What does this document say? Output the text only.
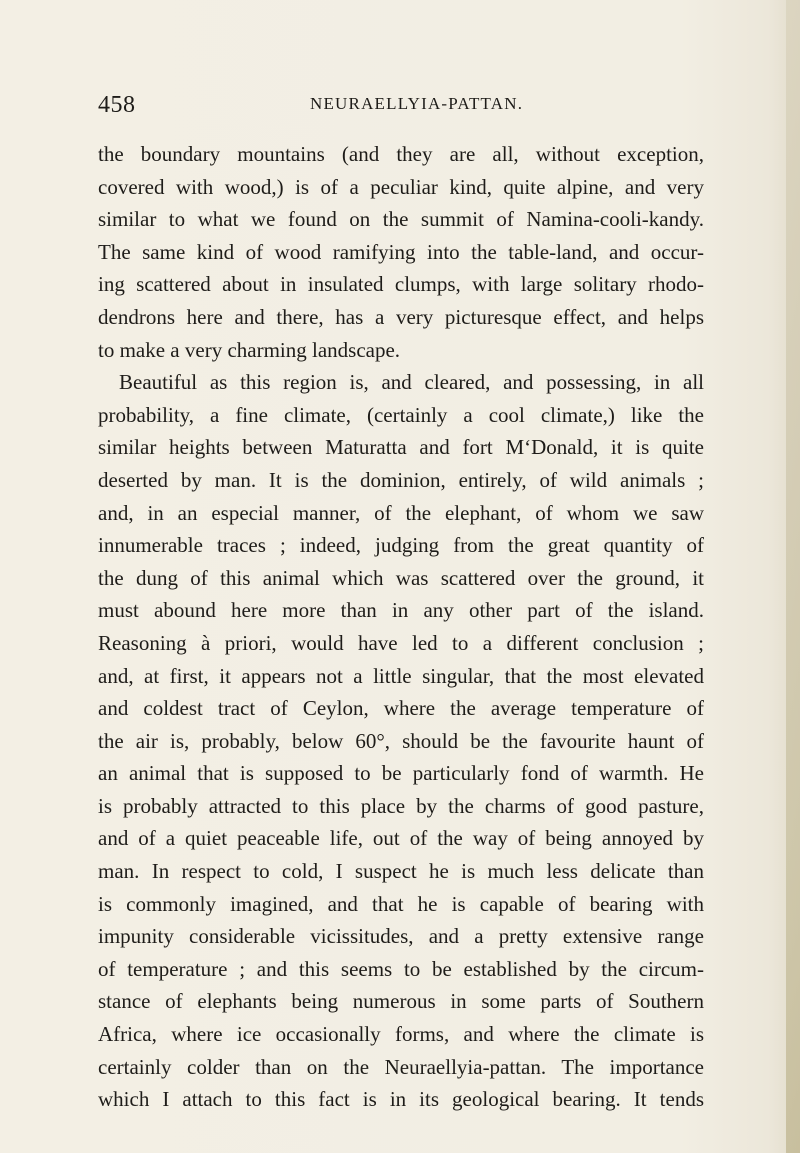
458	NEURAELLYIA-PATTAN.
the boundary mountains (and they are all, without exception,
covered with wood,) is of a peculiar kind, quite alpine, and very
similar to what we found on the summit of Namina-cooli-kandy.
The same kind of wood ramifying into the table-land, and occur-
ing scattered about in insulated clumps, with large solitary rhodo-
dendrons here and there, has a very picturesque effect, and helps
to make a very charming landscape.
Beautiful as this region is, and cleared, and possessing, in all
probability, a fine climate, (certainly a cool climate,) like the
similar heights between Maturatta and fort M‘Donald, it is quite
deserted by man. It is the dominion, entirely, of wild animals ;
and, in an especial manner, of the elephant, of whom we saw
innumerable traces ; indeed, judging from the great quantity of
the dung of this animal which was scattered over the ground, it
must abound here more than in any other part of the island.
Reasoning à priori, would have led to a different conclusion ;
and, at first, it appears not a little singular, that the most elevated
and coldest tract of Ceylon, where the average temperature of
the air is, probably, below 60°, should be the favourite haunt of
an animal that is supposed to be particularly fond of warmth. He
is probably attracted to this place by the charms of good pasture,
and of a quiet peaceable life, out of the way of being annoyed by
man. In respect to cold, I suspect he is much less delicate than
is commonly imagined, and that he is capable of bearing with
impunity considerable vicissitudes, and a pretty extensive range
of temperature ; and this seems to be established by the circum-
stance of elephants being numerous in some parts of Southern
Africa, where ice occasionally forms, and where the climate is
certainly colder than on the Neuraellyia-pattan. The importance
which I attach to this fact is in its geological bearing. It tends
